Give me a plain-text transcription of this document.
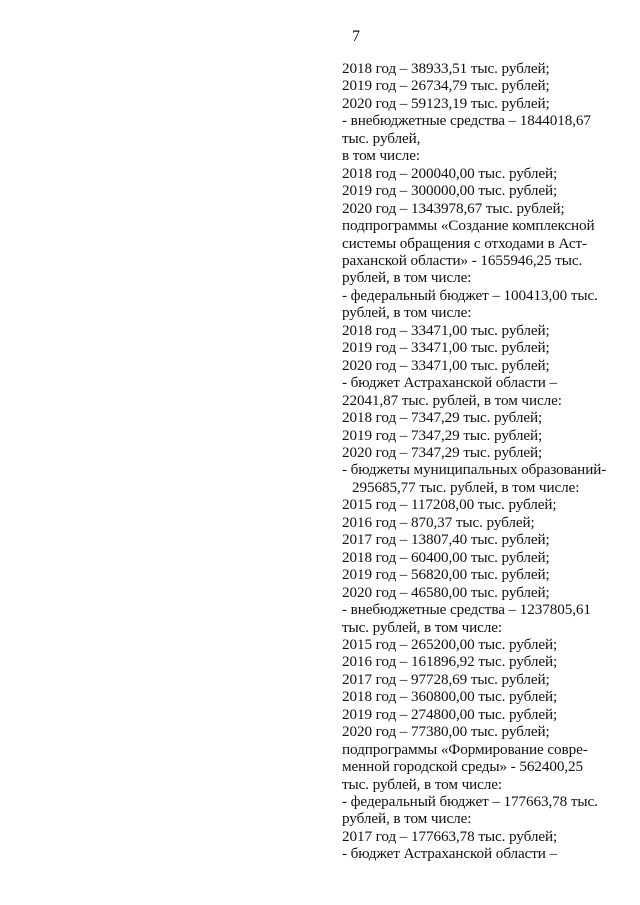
7
2018 год – 38933,51 тыс. рублей;
2019 год – 26734,79 тыс. рублей;
2020 год – 59123,19 тыс. рублей;
- внебюджетные средства – 1844018,67
тыс. рублей,
в том числе:
2018 год – 200040,00 тыс. рублей;
2019 год – 300000,00 тыс. рублей;
2020 год – 1343978,67 тыс. рублей;
подпрограммы «Создание комплексной
системы обращения с отходами в Аст-
раханской области» - 1655946,25 тыс.
рублей, в том числе:
- федеральный бюджет – 100413,00 тыс.
рублей, в том числе:
2018 год – 33471,00 тыс. рублей;
2019 год – 33471,00 тыс. рублей;
2020 год – 33471,00 тыс. рублей;
- бюджет Астраханской области –
22041,87 тыс. рублей, в том числе:
2018 год – 7347,29 тыс. рублей;
2019 год – 7347,29 тыс. рублей;
2020 год – 7347,29 тыс. рублей;
- бюджеты муниципальных образований-
295685,77 тыс. рублей, в том числе:
2015 год – 117208,00 тыс. рублей;
2016 год – 870,37 тыс. рублей;
2017 год – 13807,40 тыс. рублей;
2018 год – 60400,00 тыс. рублей;
2019 год – 56820,00 тыс. рублей;
2020 год – 46580,00 тыс. рублей;
- внебюджетные средства – 1237805,61
тыс. рублей, в том числе:
2015 год – 265200,00 тыс. рублей;
2016 год – 161896,92 тыс. рублей;
2017 год – 97728,69 тыс. рублей;
2018 год – 360800,00 тыс. рублей;
2019 год – 274800,00 тыс. рублей;
2020 год – 77380,00 тыс. рублей;
подпрограммы «Формирование совре-
менной городской среды» - 562400,25
тыс. рублей, в том числе:
- федеральный бюджет – 177663,78 тыс.
рублей, в том числе:
2017 год – 177663,78 тыс. рублей;
- бюджет Астраханской области –
